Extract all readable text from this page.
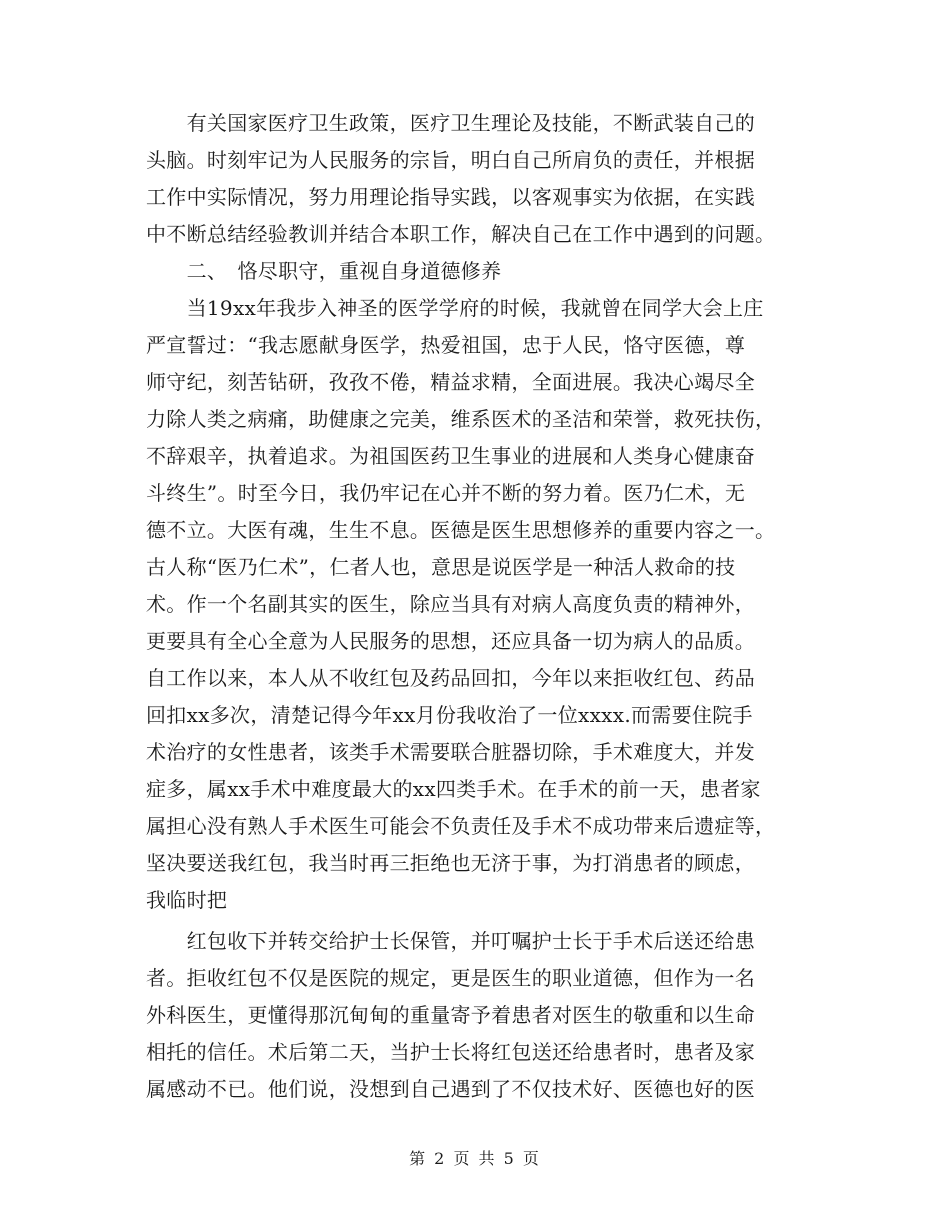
　　有关国家医疗卫生政策，医疗卫生理论及技能，不断武装自己的
头脑。时刻牢记为人民服务的宗旨，明白自己所肩负的责任，并根据
工作中实际情况，努力用理论指导实践，以客观事实为依据，在实践
中不断总结经验教训并结合本职工作，解决自己在工作中遇到的问题。
　　二、　恪尽职守，重视自身道德修养
　　当19xx年我步入神圣的医学学府的时候，我就曾在同学大会上庄
严宣誓过：“我志愿献身医学，热爱祖国，忠于人民，恪守医德，尊
师守纪，刻苦钻研，孜孜不倦，精益求精，全面进展。我决心竭尽全
力除人类之病痛，助健康之完美，维系医术的圣洁和荣誉，救死扶伤，
不辞艰辛，执着追求。为祖国医药卫生事业的进展和人类身心健康奋
斗终生”。时至今日，我仍牢记在心并不断的努力着。医乃仁术，无
德不立。大医有魂，生生不息。医德是医生思想修养的重要内容之一。
古人称“医乃仁术”，仁者人也，意思是说医学是一种活人救命的技
术。作一个名副其实的医生，除应当具有对病人高度负责的精神外，
更要具有全心全意为人民服务的思想，还应具备一切为病人的品质。
自工作以来，本人从不收红包及药品回扣，今年以来拒收红包、药品
回扣xx多次，清楚记得今年xx月份我收治了一位xxxx.而需要住院手
术治疗的女性患者，该类手术需要联合脏器切除，手术难度大，并发
症多，属xx手术中难度最大的xx四类手术。在手术的前一天，患者家
属担心没有熟人手术医生可能会不负责任及手术不成功带来后遗症等，
坚决要送我红包，我当时再三拒绝也无济于事，为打消患者的顾虑，
我临时把
　　红包收下并转交给护士长保管，并叮嘱护士长于手术后送还给患
者。拒收红包不仅是医院的规定，更是医生的职业道德，但作为一名
外科医生，更懂得那沉甸甸的重量寄予着患者对医生的敬重和以生命
相托的信任。术后第二天，当护士长将红包送还给患者时，患者及家
属感动不已。他们说，没想到自己遇到了不仅技术好、医德也好的医
第 2 页 共 5 页
